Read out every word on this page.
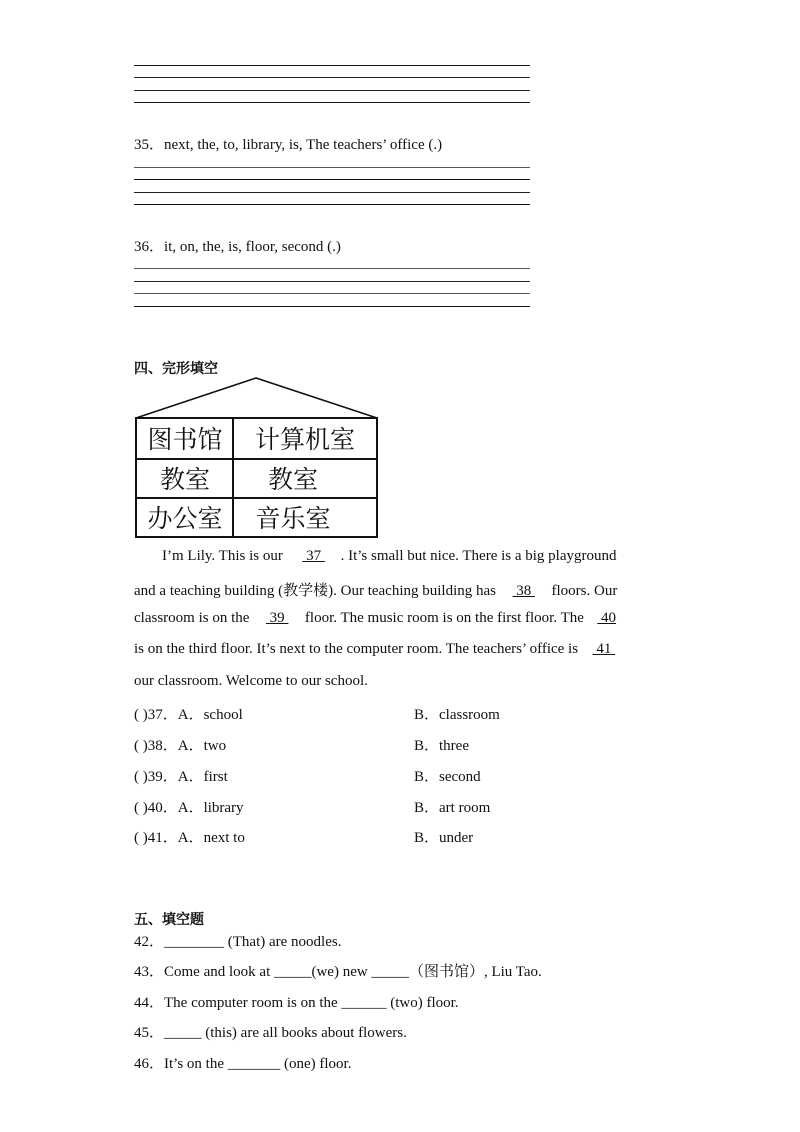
35．next, the, to, library, is, The teachers’ office (.)
36．it, on, the, is, floor, second (.)
四、完形填空
图书馆 计算机室
教室 教室
办公室 音乐室
I’m Lily. This is our  37 . It’s small but nice. There is a big playground
and a teaching building (教学楼). Our teaching building has  38  floors. Our
classroom is on the  39  floor. The music room is on the first floor. The  40
is on the third floor. It’s next to the computer room. The teachers’ office is  41
our classroom. Welcome to our school.
( )37．A．school	B．classroom
( )38．A．two	B．three
( )39．A．first	B．second
( )40．A．library	B．art room
( )41．A．next to	B．under
五、填空题
42．________ (That) are noodles.
43．Come and look at _____(we) new _____（图书馆）, Liu Tao.
44．The computer room is on the ______ (two) floor.
45．_____ (this) are all books about flowers.
46．It’s on the _______ (one) floor.
